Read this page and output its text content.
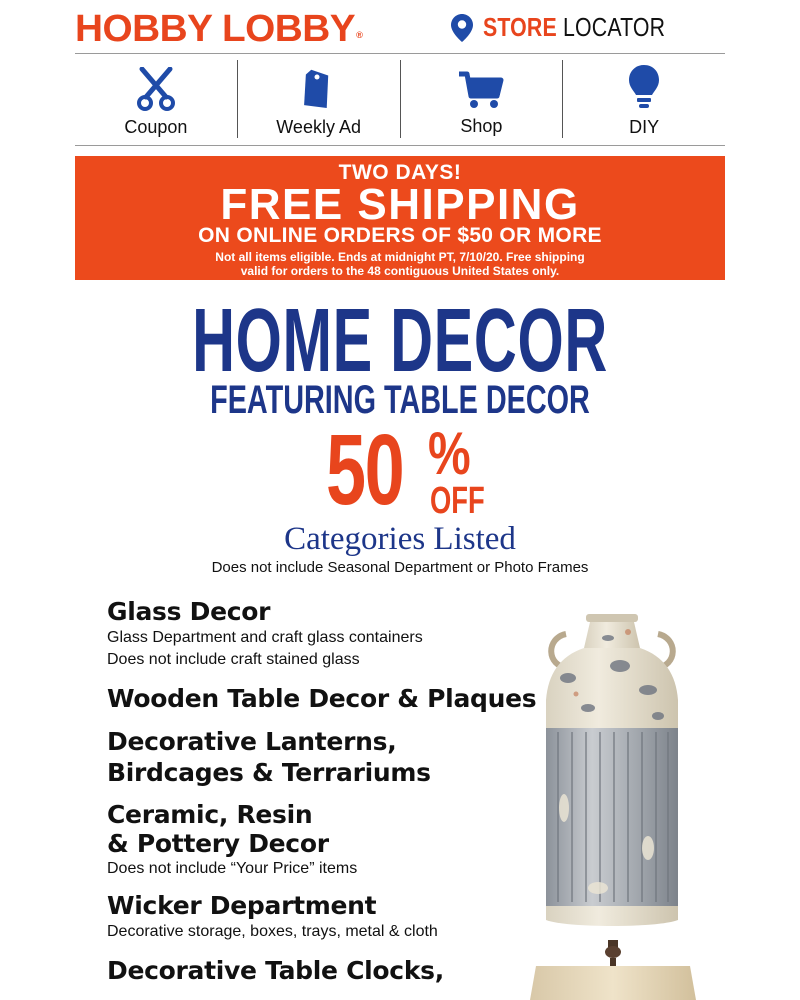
HOBBY LOBBY®	STORE LOCATOR
Coupon	Weekly Ad	Shop	DIY
TWO DAYS!
FREE SHIPPING
ON ONLINE ORDERS OF $50 OR MORE
Not all items eligible. Ends at midnight PT, 7/10/20. Free shipping
valid for orders to the 48 contiguous United States only.
HOME DECOR
FEATURING TABLE DECOR
50 %
OFF
Categories Listed
Does not include Seasonal Department or Photo Frames
Glass Decor
Glass Department and craft glass containers
Does not include craft stained glass
Wooden Table Decor & Plaques
Decorative Lanterns,
Birdcages & Terrariums
Ceramic, Resin
& Pottery Decor
Does not include “Your Price” items
Wicker Department
Decorative storage, boxes, trays, metal & cloth
Decorative Table Clocks,
